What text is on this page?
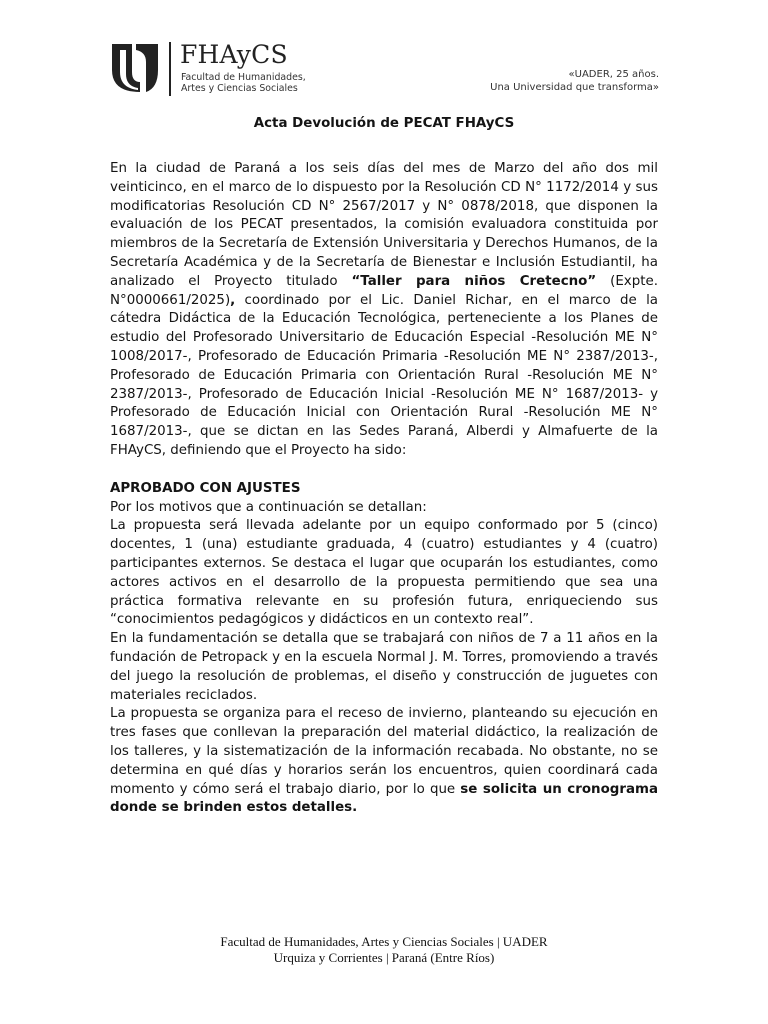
FHAyCS
Facultad de Humanidades,
Artes y Ciencias Sociales
«UADER, 25 años.
Una Universidad que transforma»
Acta Devolución de PECAT FHAyCS

En la ciudad de Paraná a los seis días del mes de Marzo del año dos mil veinticinco, en el marco de lo dispuesto por la Resolución CD N° 1172/2014 y sus modificatorias Resolución CD N° 2567/2017 y N° 0878/2018, que disponen la evaluación de los PECAT presentados, la comisión evaluadora constituida por miembros de la Secretaría de Extensión Universitaria y Derechos Humanos, de la Secretaría Académica y de la Secretaría de Bienestar e Inclusión Estudiantil, ha analizado el Proyecto titulado “Taller para niños Cretecno” (Expte. N°0000661/2025), coordinado por el Lic. Daniel Richar, en el marco de la cátedra Didáctica de la Educación Tecnológica, perteneciente a los Planes de estudio del Profesorado Universitario de Educación Especial -Resolución ME N° 1008/2017-, Profesorado de Educación Primaria -Resolución ME N° 2387/2013-, Profesorado de Educación Primaria con Orientación Rural -Resolución ME N° 2387/2013-, Profesorado de Educación Inicial -Resolución ME N° 1687/2013- y Profesorado de Educación Inicial con Orientación Rural -Resolución ME N° 1687/2013-, que se dictan en las Sedes Paraná, Alberdi y Almafuerte de la FHAyCS, definiendo que el Proyecto ha sido:

APROBADO CON AJUSTES

Por los motivos que a continuación se detallan:

La propuesta será llevada adelante por un equipo conformado por 5 (cinco) docentes, 1 (una) estudiante graduada, 4 (cuatro) estudiantes y 4 (cuatro) participantes externos. Se destaca el lugar que ocuparán los estudiantes, como actores activos en el desarrollo de la propuesta permitiendo que sea una práctica formativa relevante en su profesión futura, enriqueciendo sus “conocimientos pedagógicos y didácticos en un contexto real”.

En la fundamentación se detalla que se trabajará con niños de 7 a 11 años en la fundación de Petropack y en la escuela Normal J. M. Torres, promoviendo a través del juego la resolución de problemas, el diseño y construcción de juguetes con materiales reciclados.

La propuesta se organiza para el receso de invierno, planteando su ejecución en tres fases que conllevan la preparación del material didáctico, la realización de los talleres, y la sistematización de la información recabada. No obstante, no se determina en qué días y horarios serán los encuentros, quien coordinará cada momento y cómo será el trabajo diario, por lo que se solicita un cronograma donde se brinden estos detalles.

Facultad de Humanidades, Artes y Ciencias Sociales | UADER
Urquiza y Corrientes | Paraná (Entre Ríos)
